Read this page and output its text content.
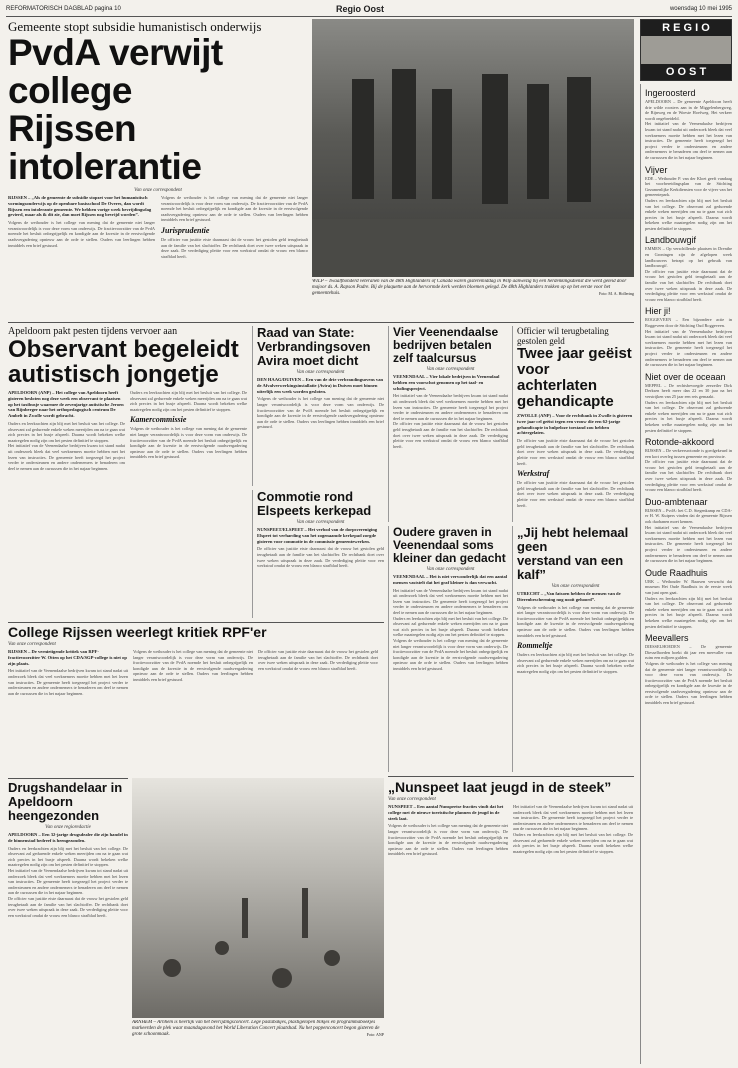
REFORMATORISCH DAGBLAD pagina 10	Regio Oost	woensdag 10 mei 1995
Gemeente stopt subsidie humanistisch onderwijs
PvdA verwijt college
Rijssen intolerantie
Van onze correspondent
RIJSSEN – „Als de gemeente de subsidie stopzet voor het humanistisch vormingsonderwijs op de openbare basisschool De Overes, dan wordt Rijssen een intolerante gemeente. We hebben vorige week bevrijdingsdag gevierd, maar als ik dit zie, dan moet Rijssen nog bevrijd worden”.
Volgens de wethouder is het college van mening dat de gemeente niet langer verantwoordelijk is voor deze vorm van onderwijs. De fractievoorzitter van de PvdA noemde het besluit onbegrijpelijk en kondigde aan de kwestie in de eerstvolgende raadsvergadering opnieuw aan de orde te stellen. Ouders van leerlingen hebben inmiddels een brief gestuurd.
Volgens de wethouder is het college van mening dat de gemeente niet langer verantwoordelijk is voor deze vorm van onderwijs. De fractievoorzitter van de PvdA noemde het besluit onbegrijpelijk en kondigde aan de kwestie in de eerstvolgende raadsvergadering opnieuw aan de orde te stellen. Ouders van leerlingen hebben inmiddels een brief gestuurd.
Jurisprudentie
De officier van justitie eiste daarnaast dat de vrouw het gestolen geld terugbetaalt aan de familie van het slachtoffer. De rechtbank doet over twee weken uitspraak in deze zaak. De verdediging pleitte voor een werkstraf omdat de vrouw een blanco strafblad heeft.
WILP – Twaalfhonderd veteranen van de 48th Highlanders of Canada waren gisteremiddag in Wilp aanwezig bij een herdenkingsdienst die werd geleid door majoor ds. A. Rapson Padre. Bij de plaquette aan de hervormde kerk werden bloemen gelegd. De 48th Highlanders trokken op op het eerste voor het gemeentehuis.	Foto: M. A. Hollering
R E G I O
O O S T
Ingeroosterd
APELDOORN – De gemeente Apeldoorn heeft drie wilde roosters aan in de Miggelenbergweg, de Rijnweg en de Woeste Hoefweg. Het verkeer wordt ongebreideld.
Het initiatief van de Veenendaalse bedrijven kwam tot stand nadat uit onderzoek bleek dat veel werknemers moeite hebben met het lezen van instructies. De gemeente heeft toegezegd het project verder te ondersteunen en andere ondernemers te benaderen om deel te nemen aan de cursussen die in het najaar beginnen.
Vijver
EDE – Wethouder P. van der Kloet geeft vandaag het voorbereidingsplan van de Stichting Gezamenlijke Kerkdiensten voor de vijver van het gemeentepark.
Ouders en leerkrachten zijn blij met het besluit van het college. De observant zal gedurende enkele weken meerijden om na te gaan wat zich precies in het busje afspeelt. Daarna wordt bekeken welke maatregelen nodig zijn om het pesten definitief te stoppen.
Landbouwgif
EMMEN – Op verschillende plaatsen in Drenthe en Groningen zijn de afgelopen week landbouwers betrapt op het gebruik van landbouwgif.
De officier van justitie eiste daarnaast dat de vrouw het gestolen geld terugbetaalt aan de familie van het slachtoffer. De rechtbank doet over twee weken uitspraak in deze zaak. De verdediging pleitte voor een werkstraf omdat de vrouw een blanco strafblad heeft.
Hier ji!
ROGGEVEEN – Een bijzondere actie in Roggeveen door de Stichting Oud Roggeveen.
Het initiatief van de Veenendaalse bedrijven kwam tot stand nadat uit onderzoek bleek dat veel werknemers moeite hebben met het lezen van instructies. De gemeente heeft toegezegd het project verder te ondersteunen en andere ondernemers te benaderen om deel te nemen aan de cursussen die in het najaar beginnen.
Niet over de oceaan
MEPPEL – De rechtsbevoegde zeezeiler Dirk Derksen heeft meer dan 22 en 30 jaar na het verstrijken van 25 jaar een reis gemaakt.
Ouders en leerkrachten zijn blij met het besluit van het college. De observant zal gedurende enkele weken meerijden om na te gaan wat zich precies in het busje afspeelt. Daarna wordt bekeken welke maatregelen nodig zijn om het pesten definitief te stoppen.
Rotonde-akkoord
RIJSSEN – De verkeersrotonde is goedgekeurd in een kort overleg tussen gemeente en provincie.
De officier van justitie eiste daarnaast dat de vrouw het gestolen geld terugbetaalt aan de familie van het slachtoffer. De rechtbank doet over twee weken uitspraak in deze zaak. De verdediging pleitte voor een werkstraf omdat de vrouw een blanco strafblad heeft.
Duo-ambtenaar
RIJSSEN – PvdA: het C.D. Siegenkamp en CDA-er H. W. Kuipers vinden dat de gemeente Rijssen ook duobanen moet kennen.
Het initiatief van de Veenendaalse bedrijven kwam tot stand nadat uit onderzoek bleek dat veel werknemers moeite hebben met het lezen van instructies. De gemeente heeft toegezegd het project verder te ondersteunen en andere ondernemers te benaderen om deel te nemen aan de cursussen die in het najaar beginnen.
Oude Raadhuis
URK – Wethouder W. Baarsen verwacht dat museum Het Oude Raadhuis in de eerste week van juni open gaat.
Ouders en leerkrachten zijn blij met het besluit van het college. De observant zal gedurende enkele weken meerijden om na te gaan wat zich precies in het busje afspeelt. Daarna wordt bekeken welke maatregelen nodig zijn om het pesten definitief te stoppen.
Meevallers
DIESSELHOEDEN – De gemeente Diesselhoeden boekt dit jaar een meevaller van ruim een miljoen gulden.
Volgens de wethouder is het college van mening dat de gemeente niet langer verantwoordelijk is voor deze vorm van onderwijs. De fractievoorzitter van de PvdA noemde het besluit onbegrijpelijk en kondigde aan de kwestie in de eerstvolgende raadsvergadering opnieuw aan de orde te stellen. Ouders van leerlingen hebben inmiddels een brief gestuurd.
Apeldoorn pakt pesten tijdens vervoer aan
Observant begeleidt
autistisch jongetje
APELDOORN (ANP) – Het college van Apeldoorn heeft gisteren besloten nog deze week een observant te plaatsen op het taxibusje waarmee de zevenjarige autistische Jeroen van Rijnberger naar het orthopedagogisch centrum De Ambelt in Zwolle wordt gebracht.
Ouders en leerkrachten zijn blij met het besluit van het college. De observant zal gedurende enkele weken meerijden om na te gaan wat zich precies in het busje afspeelt. Daarna wordt bekeken welke maatregelen nodig zijn om het pesten definitief te stoppen.
Het initiatief van de Veenendaalse bedrijven kwam tot stand nadat uit onderzoek bleek dat veel werknemers moeite hebben met het lezen van instructies. De gemeente heeft toegezegd het project verder te ondersteunen en andere ondernemers te benaderen om deel te nemen aan de cursussen die in het najaar beginnen.
Ouders en leerkrachten zijn blij met het besluit van het college. De observant zal gedurende enkele weken meerijden om na te gaan wat zich precies in het busje afspeelt. Daarna wordt bekeken welke maatregelen nodig zijn om het pesten definitief te stoppen.
Kamercommissie
Volgens de wethouder is het college van mening dat de gemeente niet langer verantwoordelijk is voor deze vorm van onderwijs. De fractievoorzitter van de PvdA noemde het besluit onbegrijpelijk en kondigde aan de kwestie in de eerstvolgende raadsvergadering opnieuw aan de orde te stellen. Ouders van leerlingen hebben inmiddels een brief gestuurd.
Raad van State: Verbrandingsoven Avira moet dicht
Van onze correspondent
DEN HAAG/DUIVEN – Een van de drie verbrandingsovens van de Afvalverwerkingsinstallatie (Avira) in Duiven moet binnen uiterlijk een week worden gesloten.
Volgens de wethouder is het college van mening dat de gemeente niet langer verantwoordelijk is voor deze vorm van onderwijs. De fractievoorzitter van de PvdA noemde het besluit onbegrijpelijk en kondigde aan de kwestie in de eerstvolgende raadsvergadering opnieuw aan de orde te stellen. Ouders van leerlingen hebben inmiddels een brief gestuurd.
Commotie rond Elspeets kerkepad
Van onze correspondent
NUNSPEET/ELSPEET – Het verbod van de dorpsvereniging Elspeet tot verharding van het zogenaamde kerkepad zorgde gisteren voor commotie in de commissie gemeentewerken.
De officier van justitie eiste daarnaast dat de vrouw het gestolen geld terugbetaalt aan de familie van het slachtoffer. De rechtbank doet over twee weken uitspraak in deze zaak. De verdediging pleitte voor een werkstraf omdat de vrouw een blanco strafblad heeft.
Vier Veenendaalse bedrijven betalen zelf taalcursus
Van onze correspondent
VEENENDAAL – Vier lokale bedrijven in Veenendaal hebben een voorschot genomen op het taal- en scholingsproject.
Het initiatief van de Veenendaalse bedrijven kwam tot stand nadat uit onderzoek bleek dat veel werknemers moeite hebben met het lezen van instructies. De gemeente heeft toegezegd het project verder te ondersteunen en andere ondernemers te benaderen om deel te nemen aan de cursussen die in het najaar beginnen.
De officier van justitie eiste daarnaast dat de vrouw het gestolen geld terugbetaalt aan de familie van het slachtoffer. De rechtbank doet over twee weken uitspraak in deze zaak. De verdediging pleitte voor een werkstraf omdat de vrouw een blanco strafblad heeft.
Officier wil terugbetaling gestolen geld
Twee jaar geëist voor
achterlaten gehandicapte
ZWOLLE (ANP) – Voor de rechtbank in Zwolle is gisteren twee jaar cel geëist tegen een vrouw die een 62-jarige gehandicapte in hulpeloze toestand zou hebben achtergelaten.
De officier van justitie eiste daarnaast dat de vrouw het gestolen geld terugbetaalt aan de familie van het slachtoffer. De rechtbank doet over twee weken uitspraak in deze zaak. De verdediging pleitte voor een werkstraf omdat de vrouw een blanco strafblad heeft.
Werkstraf
De officier van justitie eiste daarnaast dat de vrouw het gestolen geld terugbetaalt aan de familie van het slachtoffer. De rechtbank doet over twee weken uitspraak in deze zaak. De verdediging pleitte voor een werkstraf omdat de vrouw een blanco strafblad heeft.
Oudere graven in Veenendaal soms kleiner dan gedacht
Van onze correspondent
VEENENDAAL – Het is niet verwonderlijk dat een aantal mensen vaststelt dat het graf kleiner is dan verwacht.
Het initiatief van de Veenendaalse bedrijven kwam tot stand nadat uit onderzoek bleek dat veel werknemers moeite hebben met het lezen van instructies. De gemeente heeft toegezegd het project verder te ondersteunen en andere ondernemers te benaderen om deel te nemen aan de cursussen die in het najaar beginnen.
Ouders en leerkrachten zijn blij met het besluit van het college. De observant zal gedurende enkele weken meerijden om na te gaan wat zich precies in het busje afspeelt. Daarna wordt bekeken welke maatregelen nodig zijn om het pesten definitief te stoppen.
Volgens de wethouder is het college van mening dat de gemeente niet langer verantwoordelijk is voor deze vorm van onderwijs. De fractievoorzitter van de PvdA noemde het besluit onbegrijpelijk en kondigde aan de kwestie in de eerstvolgende raadsvergadering opnieuw aan de orde te stellen. Ouders van leerlingen hebben inmiddels een brief gestuurd.
„Jij hebt helemaal geen
verstand van een kalf”
Van onze correspondent
UTRECHT – „Van fatsoen hebben de mensen van de Dierenbescherming nog nooit gehoord”.
Volgens de wethouder is het college van mening dat de gemeente niet langer verantwoordelijk is voor deze vorm van onderwijs. De fractievoorzitter van de PvdA noemde het besluit onbegrijpelijk en kondigde aan de kwestie in de eerstvolgende raadsvergadering opnieuw aan de orde te stellen. Ouders van leerlingen hebben inmiddels een brief gestuurd.
Rommeltje
Ouders en leerkrachten zijn blij met het besluit van het college. De observant zal gedurende enkele weken meerijden om na te gaan wat zich precies in het busje afspeelt. Daarna wordt bekeken welke maatregelen nodig zijn om het pesten definitief te stoppen.
College Rijssen weerlegt kritiek RPF'er
Van onze correspondent
RIJSSEN – De vernietigende kritiek van RPF-fractievoorzitter W. Otten op het CDA/SGP-college is niet op zijn plaats.
Het initiatief van de Veenendaalse bedrijven kwam tot stand nadat uit onderzoek bleek dat veel werknemers moeite hebben met het lezen van instructies. De gemeente heeft toegezegd het project verder te ondersteunen en andere ondernemers te benaderen om deel te nemen aan de cursussen die in het najaar beginnen.
Volgens de wethouder is het college van mening dat de gemeente niet langer verantwoordelijk is voor deze vorm van onderwijs. De fractievoorzitter van de PvdA noemde het besluit onbegrijpelijk en kondigde aan de kwestie in de eerstvolgende raadsvergadering opnieuw aan de orde te stellen. Ouders van leerlingen hebben inmiddels een brief gestuurd.
De officier van justitie eiste daarnaast dat de vrouw het gestolen geld terugbetaalt aan de familie van het slachtoffer. De rechtbank doet over twee weken uitspraak in deze zaak. De verdediging pleitte voor een werkstraf omdat de vrouw een blanco strafblad heeft.
Drugshandelaar in Apeldoorn heengezonden
Van onze regioredactie
APELDOORN – Een 32-jarige drugsdealer die zijn handel in de binnenstad bedreef is heengezonden.
Ouders en leerkrachten zijn blij met het besluit van het college. De observant zal gedurende enkele weken meerijden om na te gaan wat zich precies in het busje afspeelt. Daarna wordt bekeken welke maatregelen nodig zijn om het pesten definitief te stoppen.
Het initiatief van de Veenendaalse bedrijven kwam tot stand nadat uit onderzoek bleek dat veel werknemers moeite hebben met het lezen van instructies. De gemeente heeft toegezegd het project verder te ondersteunen en andere ondernemers te benaderen om deel te nemen aan de cursussen die in het najaar beginnen.
De officier van justitie eiste daarnaast dat de vrouw het gestolen geld terugbetaalt aan de familie van het slachtoffer. De rechtbank doet over twee weken uitspraak in deze zaak. De verdediging pleitte voor een werkstraf omdat de vrouw een blanco strafblad heeft.
„Nunspeet laat jeugd in de steek”
Van onze correspondent
NUNSPEET – Een aantal Nunspeetse fracties vindt dat het college met de nieuwe toeristische plannen de jeugd in de steek laat.
Volgens de wethouder is het college van mening dat de gemeente niet langer verantwoordelijk is voor deze vorm van onderwijs. De fractievoorzitter van de PvdA noemde het besluit onbegrijpelijk en kondigde aan de kwestie in de eerstvolgende raadsvergadering opnieuw aan de orde te stellen. Ouders van leerlingen hebben inmiddels een brief gestuurd.
Het initiatief van de Veenendaalse bedrijven kwam tot stand nadat uit onderzoek bleek dat veel werknemers moeite hebben met het lezen van instructies. De gemeente heeft toegezegd het project verder te ondersteunen en andere ondernemers te benaderen om deel te nemen aan de cursussen die in het najaar beginnen.
Ouders en leerkrachten zijn blij met het besluit van het college. De observant zal gedurende enkele weken meerijden om na te gaan wat zich precies in het busje afspeelt. Daarna wordt bekeken welke maatregelen nodig zijn om het pesten definitief te stoppen.
ARNHEM – Arnhem is heerlijk van het bevrijdingsconcert. Lege pastabakjes, plastigelopen blikjes en programmaboekjes markeerden de plek waar maandagavond het World Liberation Concert plaatshad. Nu het poppenconcert begon gisteren de grote schoonmaak.	Foto: ANP
